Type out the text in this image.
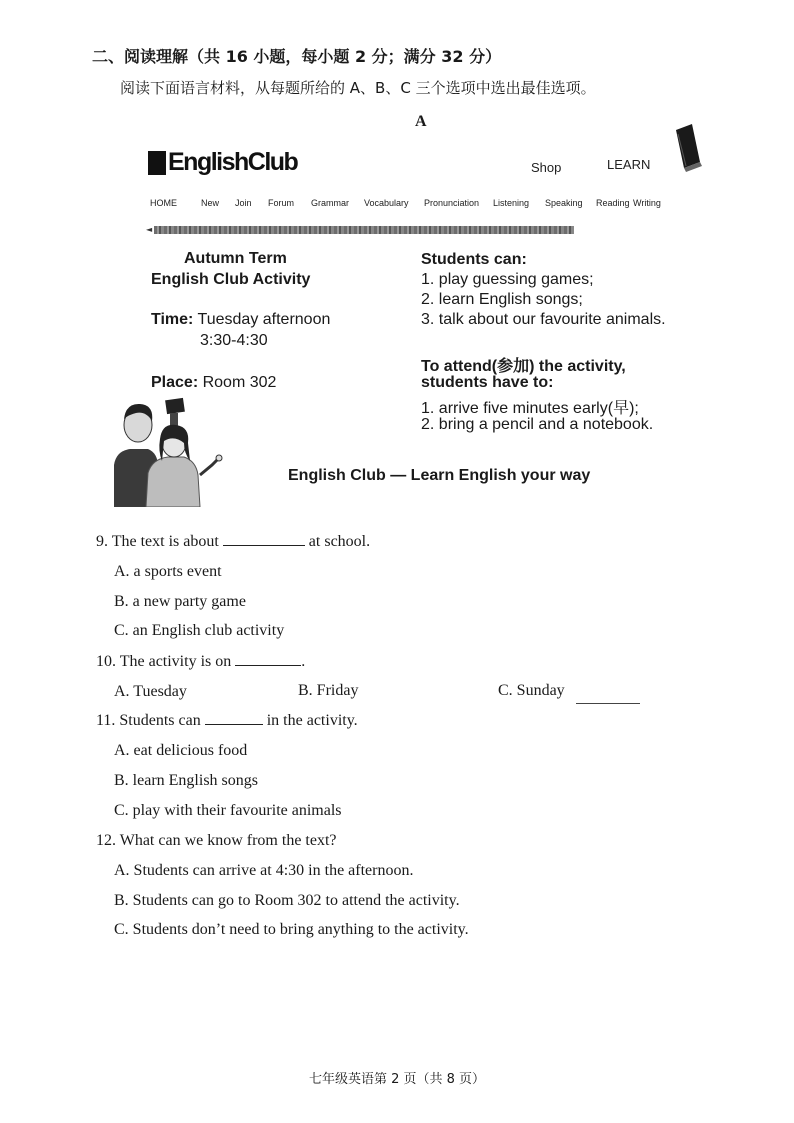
二、阅读理解（共 16 小题，每小题 2 分；满分 32 分）
阅读下面语言材料，从每题所给的 A、B、C 三个选项中选出最佳选项。
A
EnglishClub	Shop	LEARN
HOME	New	Join	Forum	Grammar	Vocabulary	Pronunciation	Listening	Speaking	Reading Writing
◄
Autumn Term
English Club Activity
Time: Tuesday afternoon
3:30-4:30
Place: Room 302
Students can:
1. play guessing games;
2. learn English songs;
3. talk about our favourite animals.
To attend(参加) the activity,
students have to:
1. arrive five minutes early(早);
2. bring a pencil and a notebook.
English Club — Learn English your way
9. The text is about	at school.
A. a sports event
B. a new party game
C. an English club activity
10. The activity is on	.
A. Tuesday	B. Friday	C. Sunday
11. Students can	in the activity.
A. eat delicious food
B. learn English songs
C. play with their favourite animals
12. What can we know from the text?
A. Students can arrive at 4:30 in the afternoon.
B. Students can go to Room 302 to attend the activity.
C. Students don’t need to bring anything to the activity.
七年级英语第 2 页（共 8 页）
